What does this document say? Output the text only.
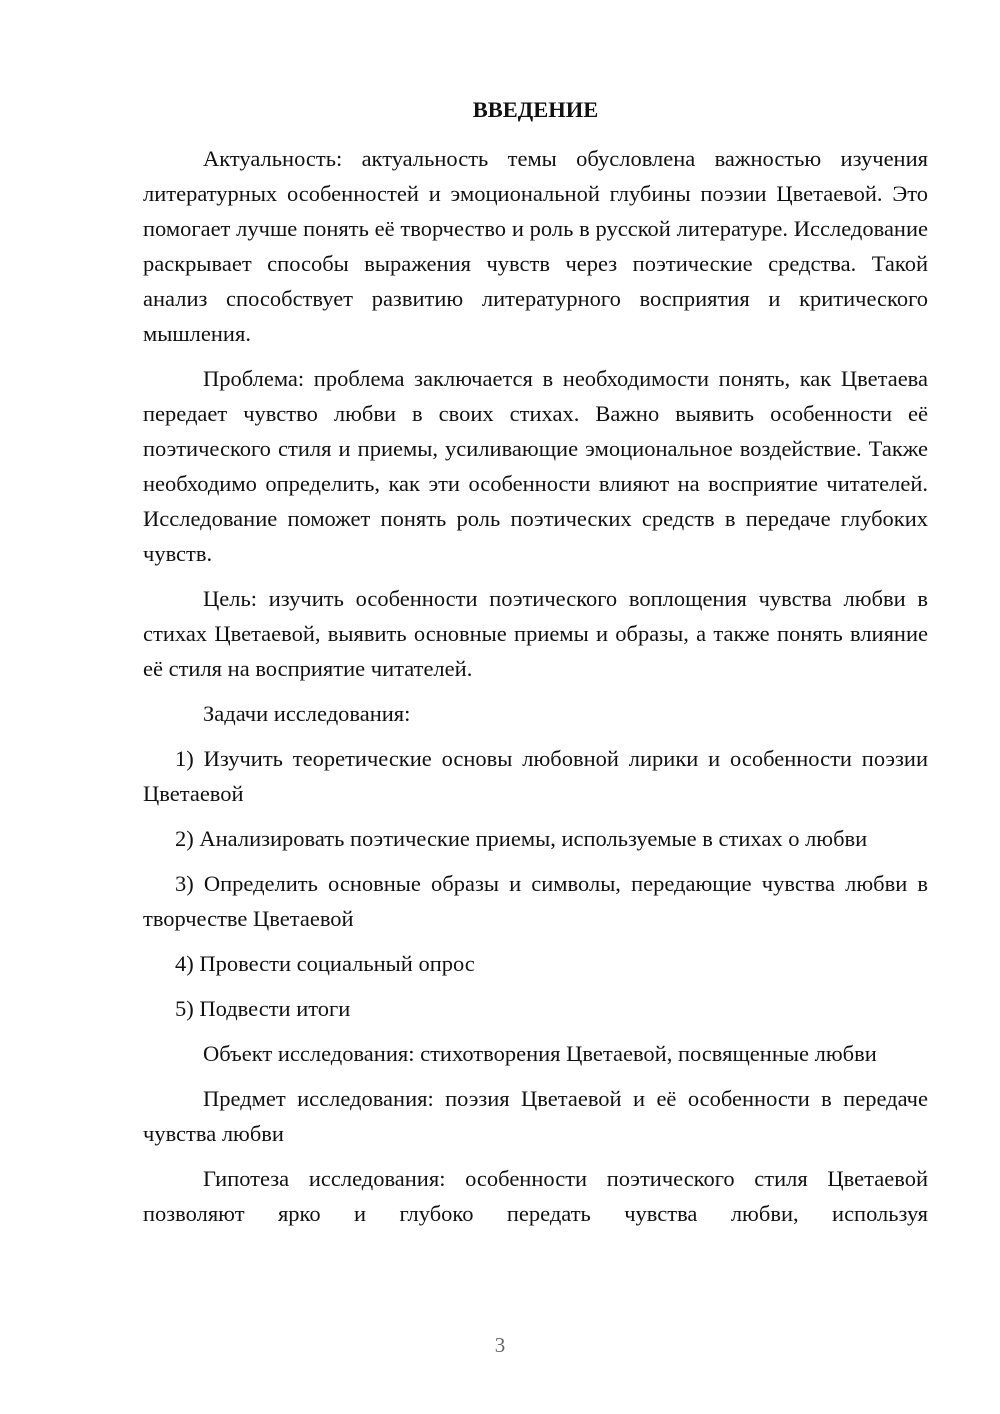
ВВЕДЕНИЕ

Актуальность: актуальность темы обусловлена важностью изучения литературных особенностей и эмоциональной глубины поэзии Цветаевой. Это помогает лучше понять её творчество и роль в русской литературе. Исследование раскрывает способы выражения чувств через поэтические средства. Такой анализ способствует развитию литературного восприятия и критического мышления.

Проблема: проблема заключается в необходимости понять, как Цветаева передает чувство любви в своих стихах. Важно выявить особенности её поэтического стиля и приемы, усиливающие эмоциональное воздействие. Также необходимо определить, как эти особенности влияют на восприятие читателей. Исследование поможет понять роль поэтических средств в передаче глубоких чувств.

Цель: изучить особенности поэтического воплощения чувства любви в стихах Цветаевой, выявить основные приемы и образы, а также понять влияние её стиля на восприятие читателей.

Задачи исследования:

1) Изучить теоретические основы любовной лирики и особенности поэзии Цветаевой

2) Анализировать поэтические приемы, используемые в стихах о любви

3) Определить основные образы и символы, передающие чувства любви в творчестве Цветаевой

4) Провести социальный опрос

5) Подвести итоги

Объект исследования: стихотворения Цветаевой, посвященные любви

Предмет исследования: поэзия Цветаевой и её особенности в передаче чувства любви

Гипотеза исследования: особенности поэтического стиля Цветаевой позволяют ярко и глубоко передать чувства любви, используя

3
